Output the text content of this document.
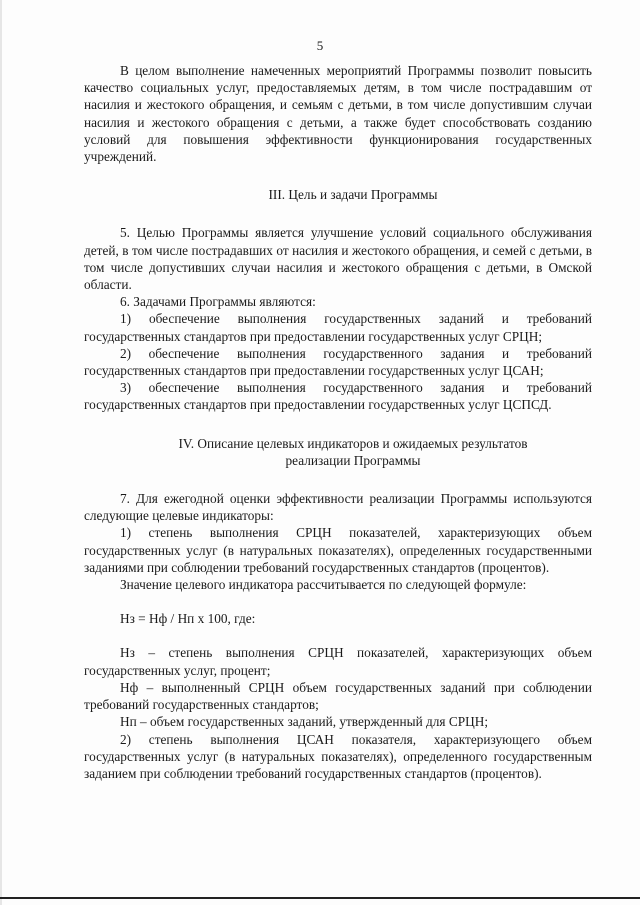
5

В целом выполнение намеченных мероприятий Программы позволит повысить качество социальных услуг, предоставляемых детям, в том числе пострадавшим от насилия и жестокого обращения, и семьям с детьми, в том числе допустившим случаи насилия и жестокого обращения с детьми, а также будет способствовать созданию условий для повышения эффективности функционирования государственных учреждений.

III. Цель и задачи Программы

5. Целью Программы является улучшение условий социального обслуживания детей, в том числе пострадавших от насилия и жестокого обращения, и семей с детьми, в том числе допустивших случаи насилия и жестокого обращения с детьми, в Омской области.

6. Задачами Программы являются:

1) обеспечение выполнения государственных заданий и требований государственных стандартов при предоставлении государственных услуг СРЦН;

2) обеспечение выполнения государственного задания и требований государственных стандартов при предоставлении государственных услуг ЦСАН;

3) обеспечение выполнения государственного задания и требований государственных стандартов при предоставлении государственных услуг ЦСПСД.

IV. Описание целевых индикаторов и ожидаемых результатов

реализации Программы

7. Для ежегодной оценки эффективности реализации Программы используются следующие целевые индикаторы:

1) степень выполнения СРЦН показателей, характеризующих объем государственных услуг (в натуральных показателях), определенных государственными заданиями при соблюдении требований государственных стандартов (процентов).

Значение целевого индикатора рассчитывается по следующей формуле:

Нз = Нф / Нп х 100, где:

Нз – степень выполнения СРЦН показателей, характеризующих объем государственных услуг, процент;

Нф – выполненный СРЦН объем государственных заданий при соблюдении требований государственных стандартов;

Нп – объем государственных заданий, утвержденный для СРЦН;

2) степень выполнения ЦСАН показателя, характеризующего объем государственных услуг (в натуральных показателях), определенного государственным заданием при соблюдении требований государственных стандартов (процентов).
